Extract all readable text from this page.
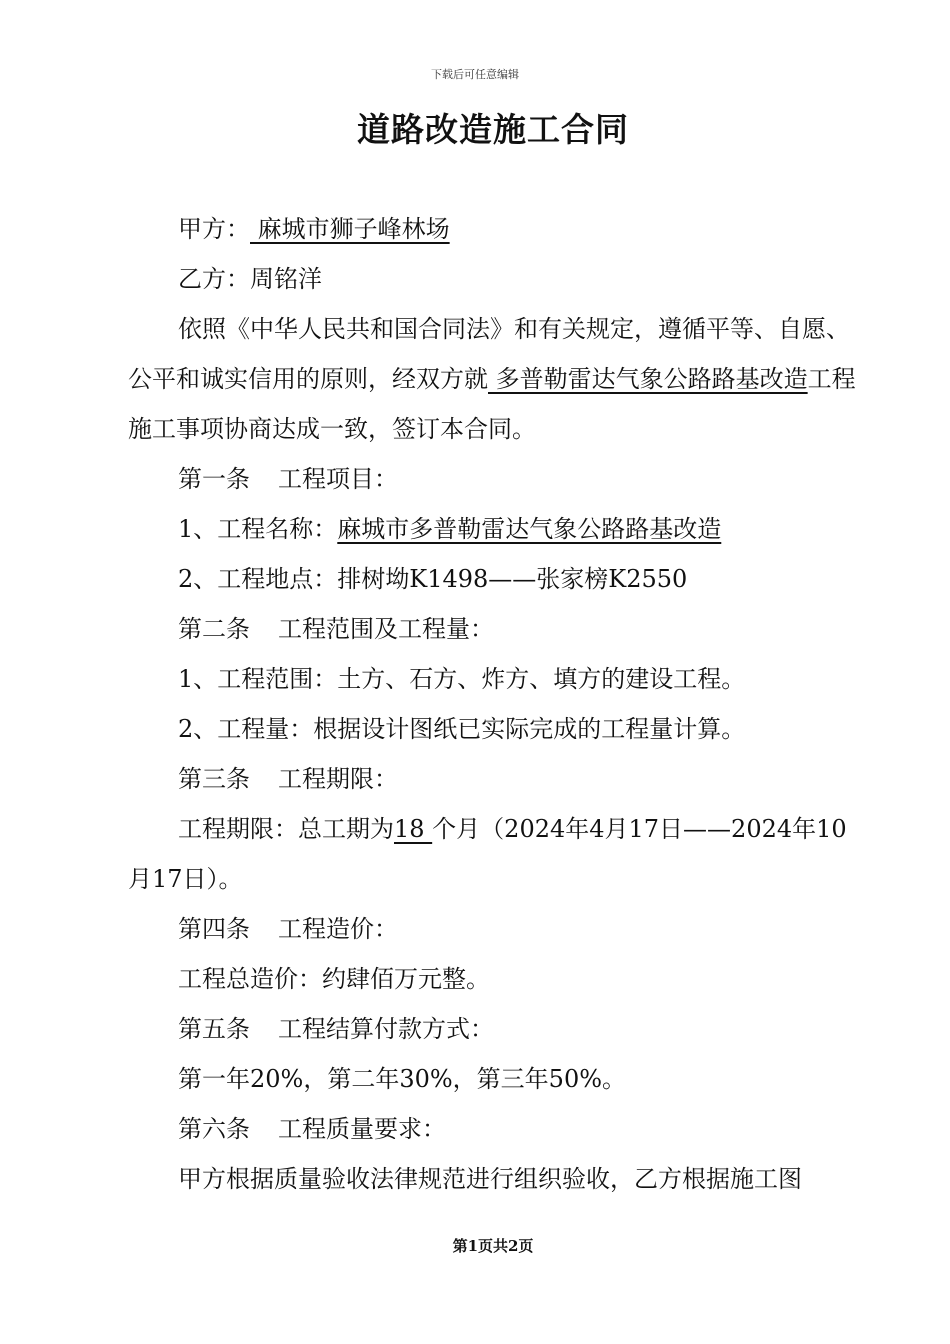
下载后可任意编辑
道路改造施工合同

甲方： 麻城市狮子峰林场

乙方：周铭洋

依照《中华人民共和国合同法》和有关规定，遵循平等、自愿、公平和诚实信用的原则，经双方就 多普勒雷达气象公路路基改造工程施工事项协商达成一致，签订本合同。

第一条 工程项目：

1、工程名称：麻城市多普勒雷达气象公路路基改造

2、工程地点：排树坳K1498——张家榜K2550

第二条 工程范围及工程量：

1、工程范围：土方、石方、炸方、填方的建设工程。

2、工程量：根据设计图纸已实际完成的工程量计算。

第三条 工程期限：

工程期限：总工期为18 个月（2024年4月17日——2024年10月17日）。

第四条 工程造价：

工程总造价：约肆佰万元整。

第五条 工程结算付款方式：

第一年20%，第二年30%，第三年50%。

第六条 工程质量要求：

甲方根据质量验收法律规范进行组织验收，乙方根据施工图

第1页共2页
